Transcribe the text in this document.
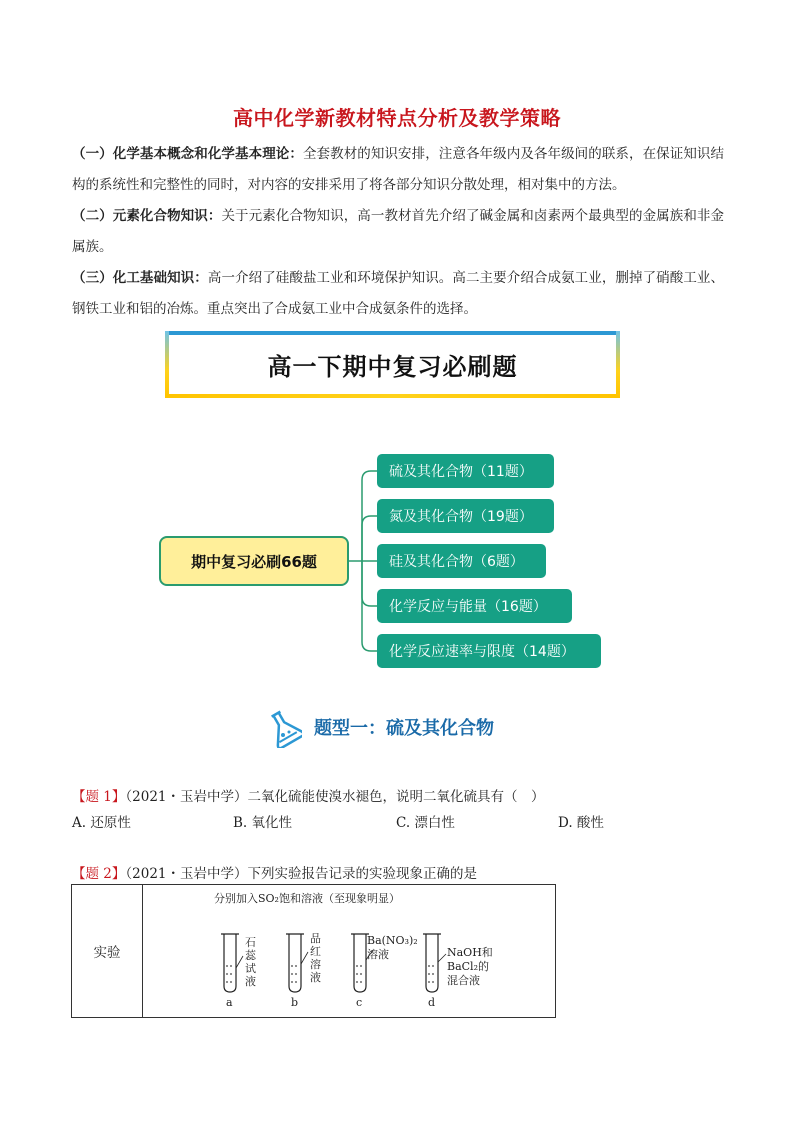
高中化学新教材特点分析及教学策略
（一）化学基本概念和化学基本理论：全套教材的知识安排，注意各年级内及各年级间的联系，在保证知识结构的系统性和完整性的同时，对内容的安排采用了将各部分知识分散处理，相对集中的方法。
（二）元素化合物知识：关于元素化合物知识，高一教材首先介绍了碱金属和卤素两个最典型的金属族和非金属族。
（三）化工基础知识：高一介绍了硅酸盐工业和环境保护知识。高二主要介绍合成氨工业，删掉了硝酸工业、钢铁工业和铝的冶炼。重点突出了合成氨工业中合成氨条件的选择。
高一下期中复习必刷题
期中复习必刷66题
硫及其化合物（11题）
氮及其化合物（19题）
硅及其化合物（6题）
化学反应与能量（16题）
化学反应速率与限度（14题）
题型一：硫及其化合物
【题 1】（2021・玉岩中学）二氧化硫能使溴水褪色，说明二氧化硫具有（　）
A. 还原性	B. 氧化性	C. 漂白性	D. 酸性
【题 2】（2021・玉岩中学）下列实验报告记录的实验现象正确的是
实验	
分别加入SO₂饱和溶液（至现象明显）
a
石
蕊
试
液
b
品
红
溶
液
c
Ba(NO₃)₂
溶液
d
NaOH和
BaCl₂的
混合液
